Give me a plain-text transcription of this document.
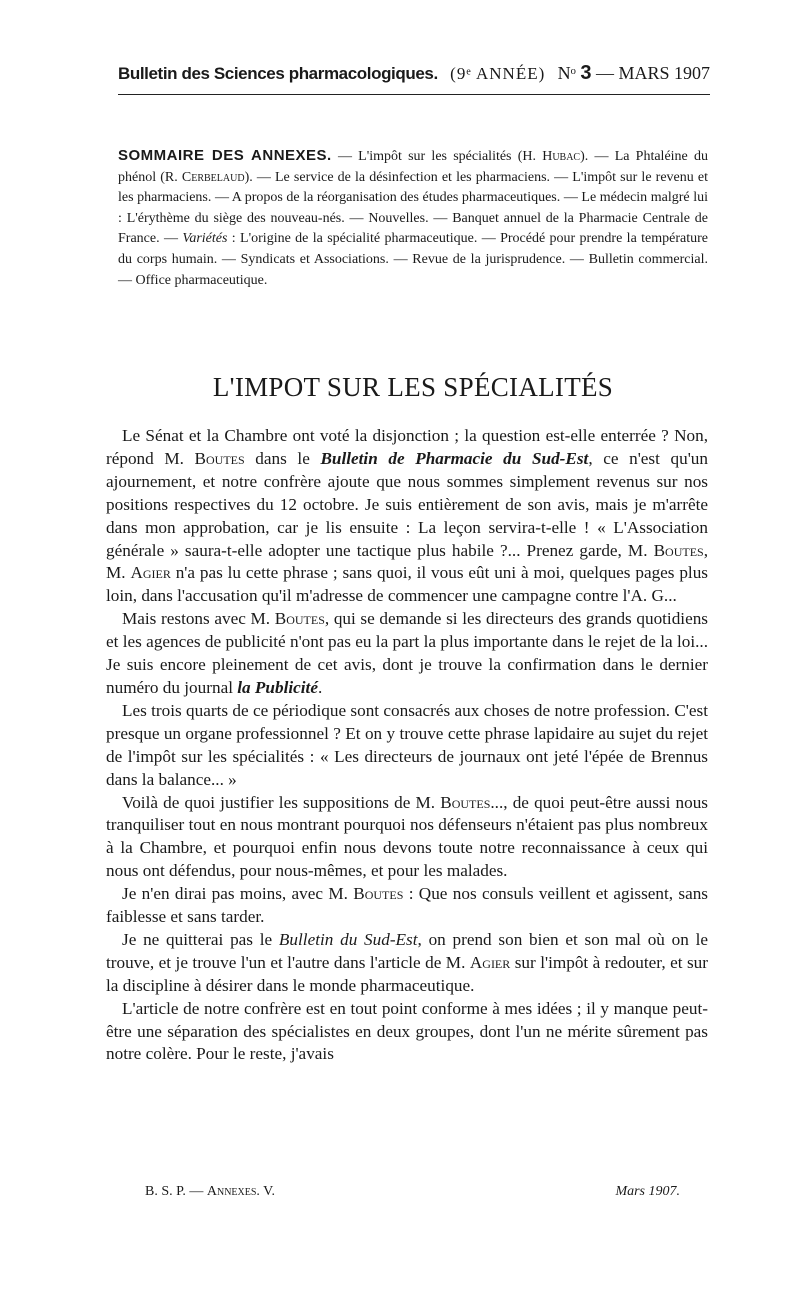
Bulletin des Sciences pharmacologiques. (9ᵉ ANNÉE) Nᵒ 3 — MARS 1907
SOMMAIRE DES ANNEXES. — L'impôt sur les spécialités (H. Hubac). — La Phtaléine du phénol (R. Cerbelaud). — Le service de la désinfection et les pharmaciens. — L'impôt sur le revenu et les pharmaciens. — A propos de la réorganisation des études pharmaceutiques. — Le médecin malgré lui : L'érythème du siège des nouveau-nés. — Nouvelles. — Banquet annuel de la Pharmacie Centrale de France. — Variétés : L'origine de la spécialité pharmaceutique. — Procédé pour prendre la température du corps humain. — Syndicats et Associations. — Revue de la jurisprudence. — Bulletin commercial. — Office pharmaceutique.
L'IMPOT SUR LES SPÉCIALITÉS

Le Sénat et la Chambre ont voté la disjonction ; la question est-elle enterrée ? Non, répond M. Boutes dans le Bulletin de Pharmacie du Sud-Est, ce n'est qu'un ajournement, et notre confrère ajoute que nous sommes simplement revenus sur nos positions respectives du 12 octobre. Je suis entièrement de son avis, mais je m'arrête dans mon approbation, car je lis ensuite : La leçon servira-t-elle ! « L'Association générale » saura-t-elle adopter une tactique plus habile ?... Prenez garde, M. Boutes, M. Agier n'a pas lu cette phrase ; sans quoi, il vous eût uni à moi, quelques pages plus loin, dans l'accusation qu'il m'adresse de commencer une campagne contre l'A. G...

Mais restons avec M. Boutes, qui se demande si les directeurs des grands quotidiens et les agences de publicité n'ont pas eu la part la plus importante dans le rejet de la loi... Je suis encore pleinement de cet avis, dont je trouve la confirmation dans le dernier numéro du journal la Publicité.

Les trois quarts de ce périodique sont consacrés aux choses de notre profession. C'est presque un organe professionnel ? Et on y trouve cette phrase lapidaire au sujet du rejet de l'impôt sur les spécialités : « Les directeurs de journaux ont jeté l'épée de Brennus dans la balance... »

Voilà de quoi justifier les suppositions de M. Boutes..., de quoi peut-être aussi nous tranquiliser tout en nous montrant pourquoi nos défenseurs n'étaient pas plus nombreux à la Chambre, et pourquoi enfin nous devons toute notre reconnaissance à ceux qui nous ont défendus, pour nous-mêmes, et pour les malades.

Je n'en dirai pas moins, avec M. Boutes : Que nos consuls veillent et agissent, sans faiblesse et sans tarder.

Je ne quitterai pas le Bulletin du Sud-Est, on prend son bien et son mal où on le trouve, et je trouve l'un et l'autre dans l'article de M. Agier sur l'impôt à redouter, et sur la discipline à désirer dans le monde pharmaceutique.

L'article de notre confrère est en tout point conforme à mes idées ; il y manque peut-être une séparation des spécialistes en deux groupes, dont l'un ne mérite sûrement pas notre colère. Pour le reste, j'avais

B. S. P. — Annexes. V.	Mars 1907.
